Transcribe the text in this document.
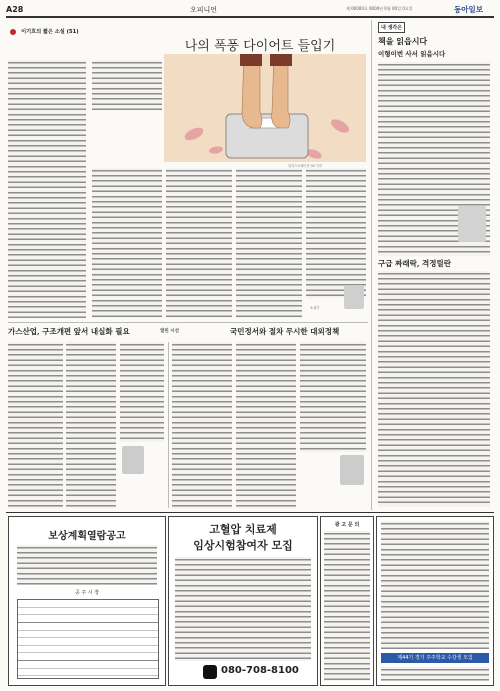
A28	오피니언	제 00000호 0000년 0월 00일 0요일	동아일보
이기호의 짧은 소설 (51)
나의 폭풍 다이어트 들입기
일러스트레이션 00 기자
소설가
내 생각은
책을 읽읍시다
이형이번 사서 읽음시다
구급 짜래락, 격정릴란
가스산업, 구조개편 앞서 내실화 필요	열린 시선	국민정서와 절차 무시한 대외정책
보상계획열람공고
공 주 시 장
고혈압 치료제
임상시험참여자 모집
080-708-8100
광 고 문 의
제44기 경기 주주학교 수강생 모집
